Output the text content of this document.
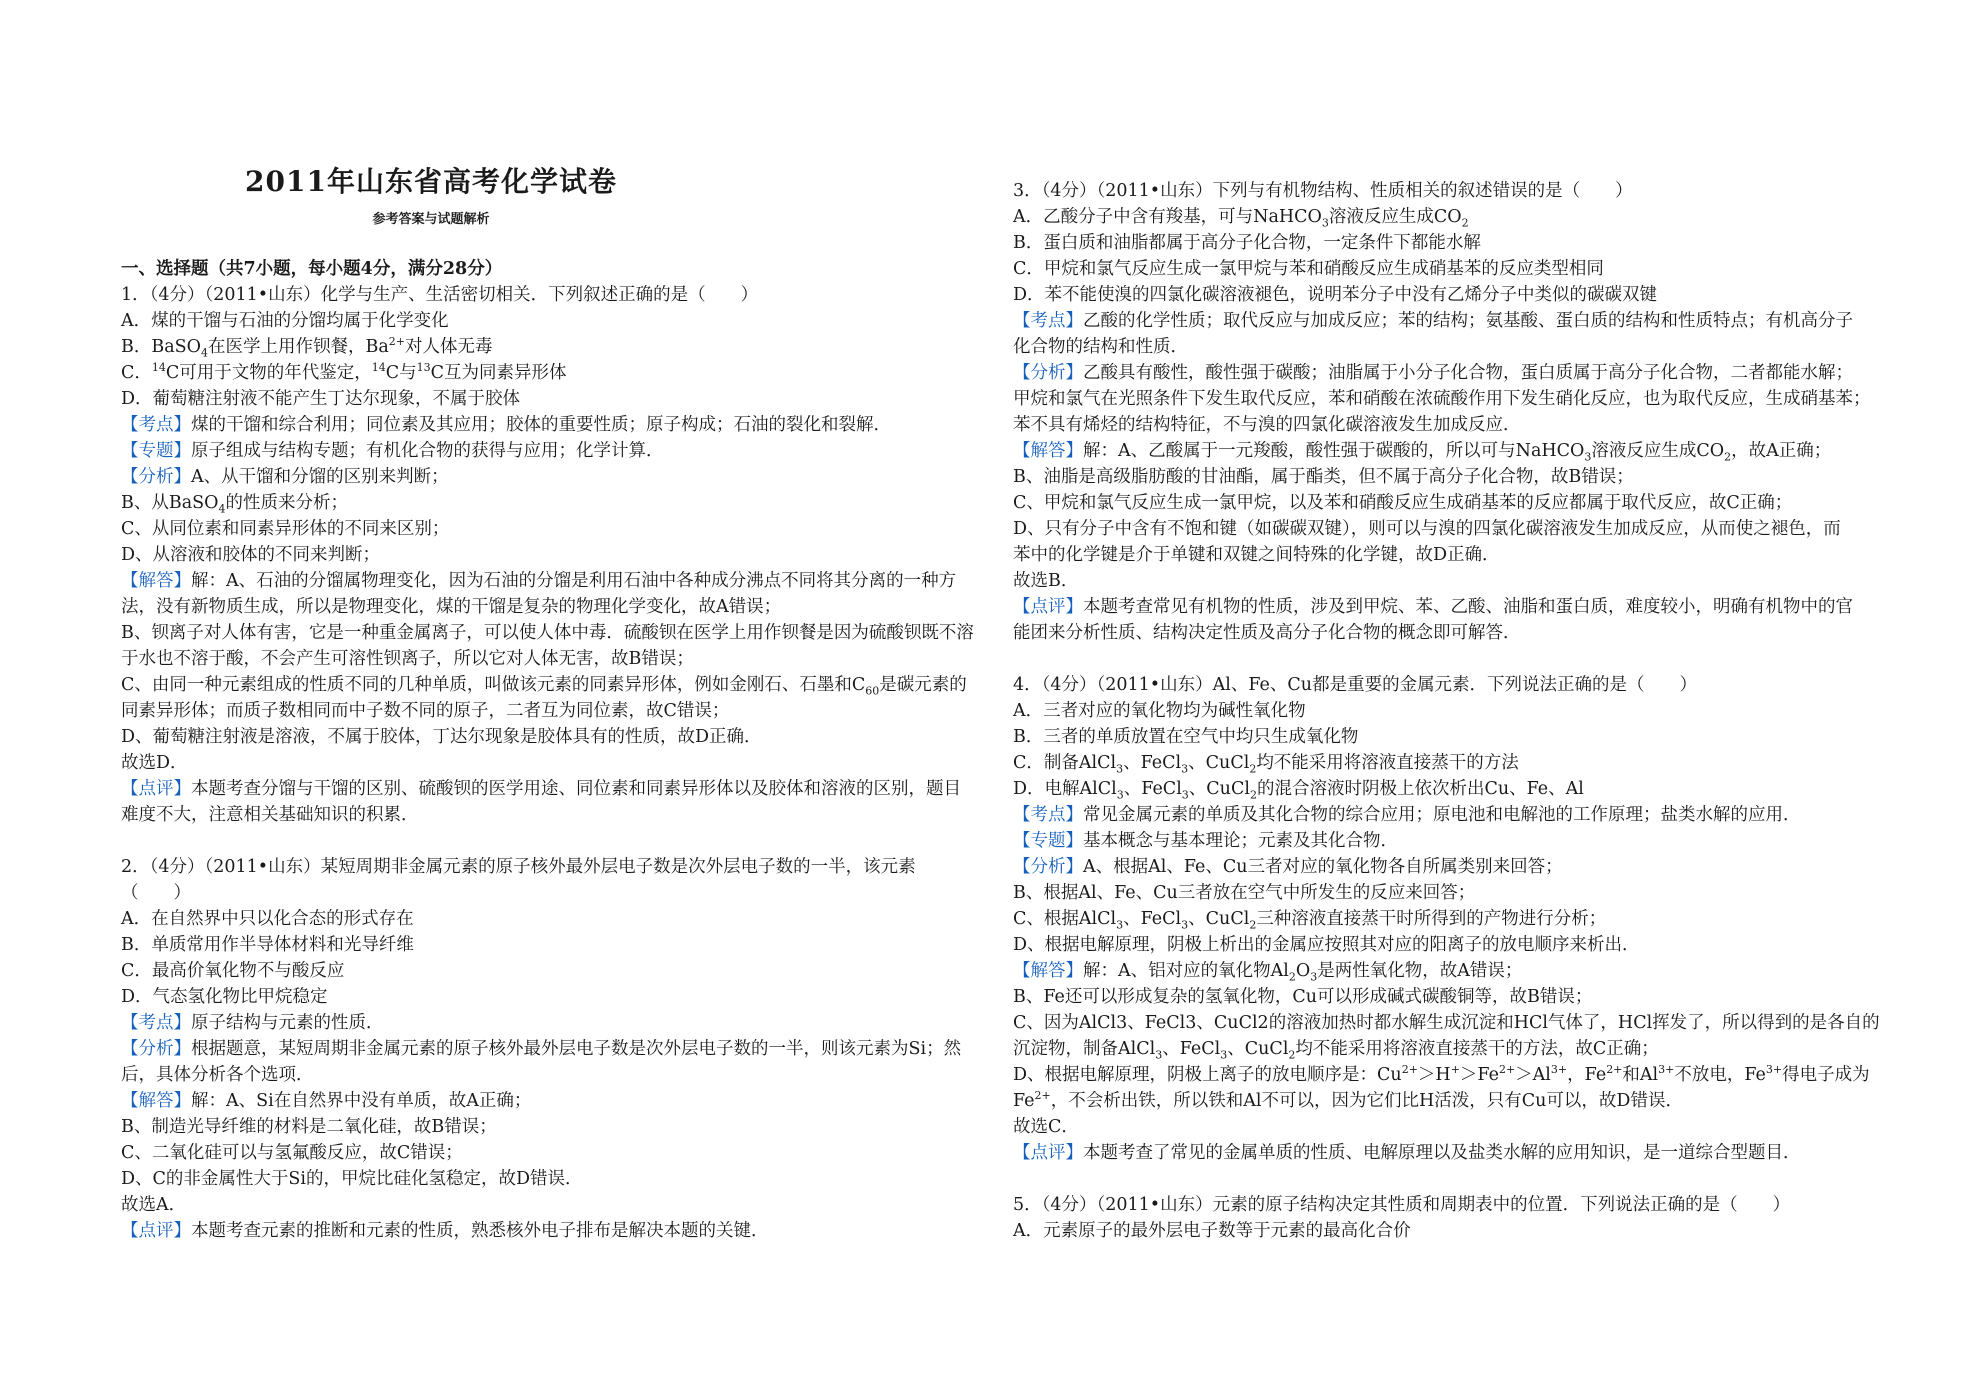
2011年山东省高考化学试卷
参考答案与试题解析
一、选择题（共7小题，每小题4分，满分28分）
1．（4分）（2011•山东）化学与生产、生活密切相关．下列叙述正确的是（　　）
A．煤的干馏与石油的分馏均属于化学变化
B．BaSO$_4$在医学上用作钡餐，$Ba^{2+}$对人体无毒
C．$^{14}$C可用于文物的年代鉴定，$^{14}$C与$^{13}$C互为同素异形体
D．葡萄糖注射液不能产生丁达尔现象，不属于胶体
【考点】煤的干馏和综合利用；同位素及其应用；胶体的重要性质；原子构成；石油的裂化和裂解．
【专题】原子组成与结构专题；有机化合物的获得与应用；化学计算．
【分析】A、从干馏和分馏的区别来判断；
B、从BaSO$_4$的性质来分析；
C、从同位素和同素异形体的不同来区别；
D、从溶液和胶体的不同来判断；
【解答】解：A、石油的分馏属物理变化，因为石油的分馏是利用石油中各种成分沸点不同将其分离的一种方
法，没有新物质生成，所以是物理变化，煤的干馏是复杂的物理化学变化，故A错误；
B、钡离子对人体有害，它是一种重金属离子，可以使人体中毒．硫酸钡在医学上用作钡餐是因为硫酸钡既不溶
于水也不溶于酸，不会产生可溶性钡离子，所以它对人体无害，故B错误；
C、由同一种元素组成的性质不同的几种单质，叫做该元素的同素异形体，例如金刚石、石墨和$C_{60}$是碳元素的
同素异形体；而质子数相同而中子数不同的原子，二者互为同位素，故C错误；
D、葡萄糖注射液是溶液，不属于胶体，丁达尔现象是胶体具有的性质，故D正确．
故选D．
【点评】本题考查分馏与干馏的区别、硫酸钡的医学用途、同位素和同素异形体以及胶体和溶液的区别，题目
难度不大，注意相关基础知识的积累．
2．（4分）（2011•山东）某短周期非金属元素的原子核外最外层电子数是次外层电子数的一半，该元素
（　　）
A．在自然界中只以化合态的形式存在
B．单质常用作半导体材料和光导纤维
C．最高价氧化物不与酸反应
D．气态氢化物比甲烷稳定
【考点】原子结构与元素的性质．
【分析】根据题意，某短周期非金属元素的原子核外最外层电子数是次外层电子数的一半，则该元素为Si；然
后，具体分析各个选项．
【解答】解：A、Si在自然界中没有单质，故A正确；
B、制造光导纤维的材料是二氧化硅，故B错误；
C、二氧化硅可以与氢氟酸反应，故C错误；
D、C的非金属性大于Si的，甲烷比硅化氢稳定，故D错误．
故选A．
【点评】本题考查元素的推断和元素的性质，熟悉核外电子排布是解决本题的关键．
3．（4分）（2011•山东）下列与有机物结构、性质相关的叙述错误的是（　　）
A．乙酸分子中含有羧基，可与NaHCO$_3$溶液反应生成$CO_2$
B．蛋白质和油脂都属于高分子化合物，一定条件下都能水解
C．甲烷和氯气反应生成一氯甲烷与苯和硝酸反应生成硝基苯的反应类型相同
D．苯不能使溴的四氯化碳溶液褪色，说明苯分子中没有乙烯分子中类似的碳碳双键
【考点】乙酸的化学性质；取代反应与加成反应；苯的结构；氨基酸、蛋白质的结构和性质特点；有机高分子
化合物的结构和性质．
【分析】乙酸具有酸性，酸性强于碳酸；油脂属于小分子化合物，蛋白质属于高分子化合物，二者都能水解；
甲烷和氯气在光照条件下发生取代反应，苯和硝酸在浓硫酸作用下发生硝化反应，也为取代反应，生成硝基苯；
苯不具有烯烃的结构特征，不与溴的四氯化碳溶液发生加成反应．
【解答】解：A、乙酸属于一元羧酸，酸性强于碳酸的，所以可与NaHCO$_3$溶液反应生成$CO_2$，故A正确；
B、油脂是高级脂肪酸的甘油酯，属于酯类，但不属于高分子化合物，故B错误；
C、甲烷和氯气反应生成一氯甲烷，以及苯和硝酸反应生成硝基苯的反应都属于取代反应，故C正确；
D、只有分子中含有不饱和键（如碳碳双键），则可以与溴的四氯化碳溶液发生加成反应，从而使之褪色，而
苯中的化学键是介于单键和双键之间特殊的化学键，故D正确．
故选B．
【点评】本题考查常见有机物的性质，涉及到甲烷、苯、乙酸、油脂和蛋白质，难度较小，明确有机物中的官
能团来分析性质、结构决定性质及高分子化合物的概念即可解答．
4．（4分）（2011•山东）Al、Fe、Cu都是重要的金属元素．下列说法正确的是（　　）
A．三者对应的氧化物均为碱性氧化物
B．三者的单质放置在空气中均只生成氧化物
C．制备AlCl$_3$、FeCl$_3$、CuCl$_2$均不能采用将溶液直接蒸干的方法
D．电解AlCl$_3$、FeCl$_3$、CuCl$_2$的混合溶液时阴极上依次析出Cu、Fe、Al
【考点】常见金属元素的单质及其化合物的综合应用；原电池和电解池的工作原理；盐类水解的应用．
【专题】基本概念与基本理论；元素及其化合物．
【分析】A、根据Al、Fe、Cu三者对应的氧化物各自所属类别来回答；
B、根据Al、Fe、Cu三者放在空气中所发生的反应来回答；
C、根据AlCl$_3$、FeCl$_3$、CuCl$_2$三种溶液直接蒸干时所得到的产物进行分析；
D、根据电解原理，阴极上析出的金属应按照其对应的阳离子的放电顺序来析出．
【解答】解：A、铝对应的氧化物$Al_2O_3$是两性氧化物，故A错误；
B、Fe还可以形成复杂的氢氧化物，Cu可以形成碱式碳酸铜等，故B错误；
C、因为AlCl3、FeCl3、CuCl2的溶液加热时都水解生成沉淀和HCl气体了，HCl挥发了，所以得到的是各自的
沉淀物，制备AlCl$_3$、FeCl$_3$、CuCl$_2$均不能采用将溶液直接蒸干的方法，故C正确；
D、根据电解原理，阴极上离子的放电顺序是：$Cu^{2+}>H^+>Fe^{2+}>Al^{3+}$，$Fe^{2+}$和$Al^{3+}$不放电，$Fe^{3+}$得电子成为
$Fe^{2+}$，不会析出铁，所以铁和Al不可以，因为它们比H活泼，只有Cu可以，故D错误．
故选C．
【点评】本题考查了常见的金属单质的性质、电解原理以及盐类水解的应用知识，是一道综合型题目．
5．（4分）（2011•山东）元素的原子结构决定其性质和周期表中的位置．下列说法正确的是（　　）
A．元素原子的最外层电子数等于元素的最高化合价
